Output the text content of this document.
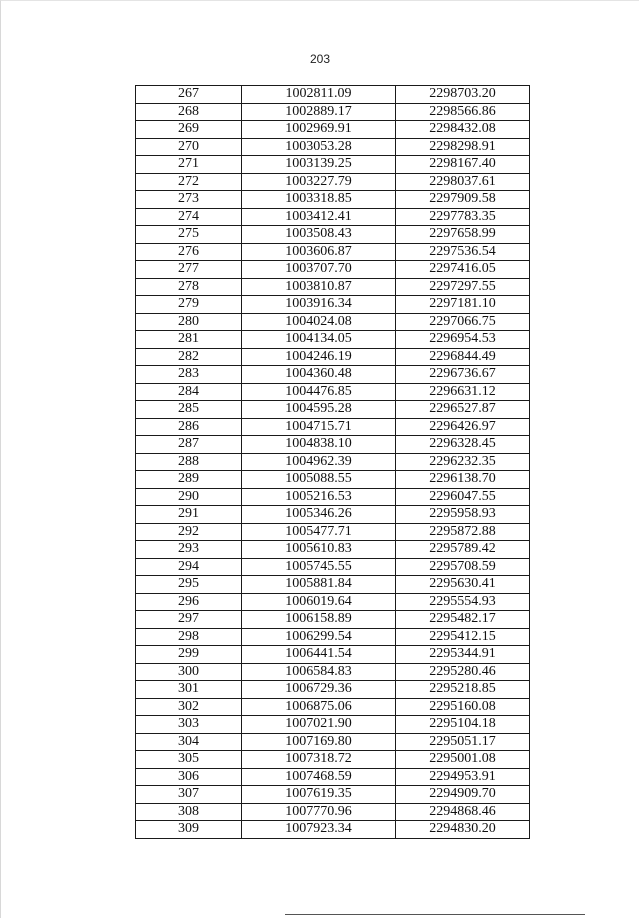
203
267	1002811.09	2298703.20
268	1002889.17	2298566.86
269	1002969.91	2298432.08
270	1003053.28	2298298.91
271	1003139.25	2298167.40
272	1003227.79	2298037.61
273	1003318.85	2297909.58
274	1003412.41	2297783.35
275	1003508.43	2297658.99
276	1003606.87	2297536.54
277	1003707.70	2297416.05
278	1003810.87	2297297.55
279	1003916.34	2297181.10
280	1004024.08	2297066.75
281	1004134.05	2296954.53
282	1004246.19	2296844.49
283	1004360.48	2296736.67
284	1004476.85	2296631.12
285	1004595.28	2296527.87
286	1004715.71	2296426.97
287	1004838.10	2296328.45
288	1004962.39	2296232.35
289	1005088.55	2296138.70
290	1005216.53	2296047.55
291	1005346.26	2295958.93
292	1005477.71	2295872.88
293	1005610.83	2295789.42
294	1005745.55	2295708.59
295	1005881.84	2295630.41
296	1006019.64	2295554.93
297	1006158.89	2295482.17
298	1006299.54	2295412.15
299	1006441.54	2295344.91
300	1006584.83	2295280.46
301	1006729.36	2295218.85
302	1006875.06	2295160.08
303	1007021.90	2295104.18
304	1007169.80	2295051.17
305	1007318.72	2295001.08
306	1007468.59	2294953.91
307	1007619.35	2294909.70
308	1007770.96	2294868.46
309	1007923.34	2294830.20
